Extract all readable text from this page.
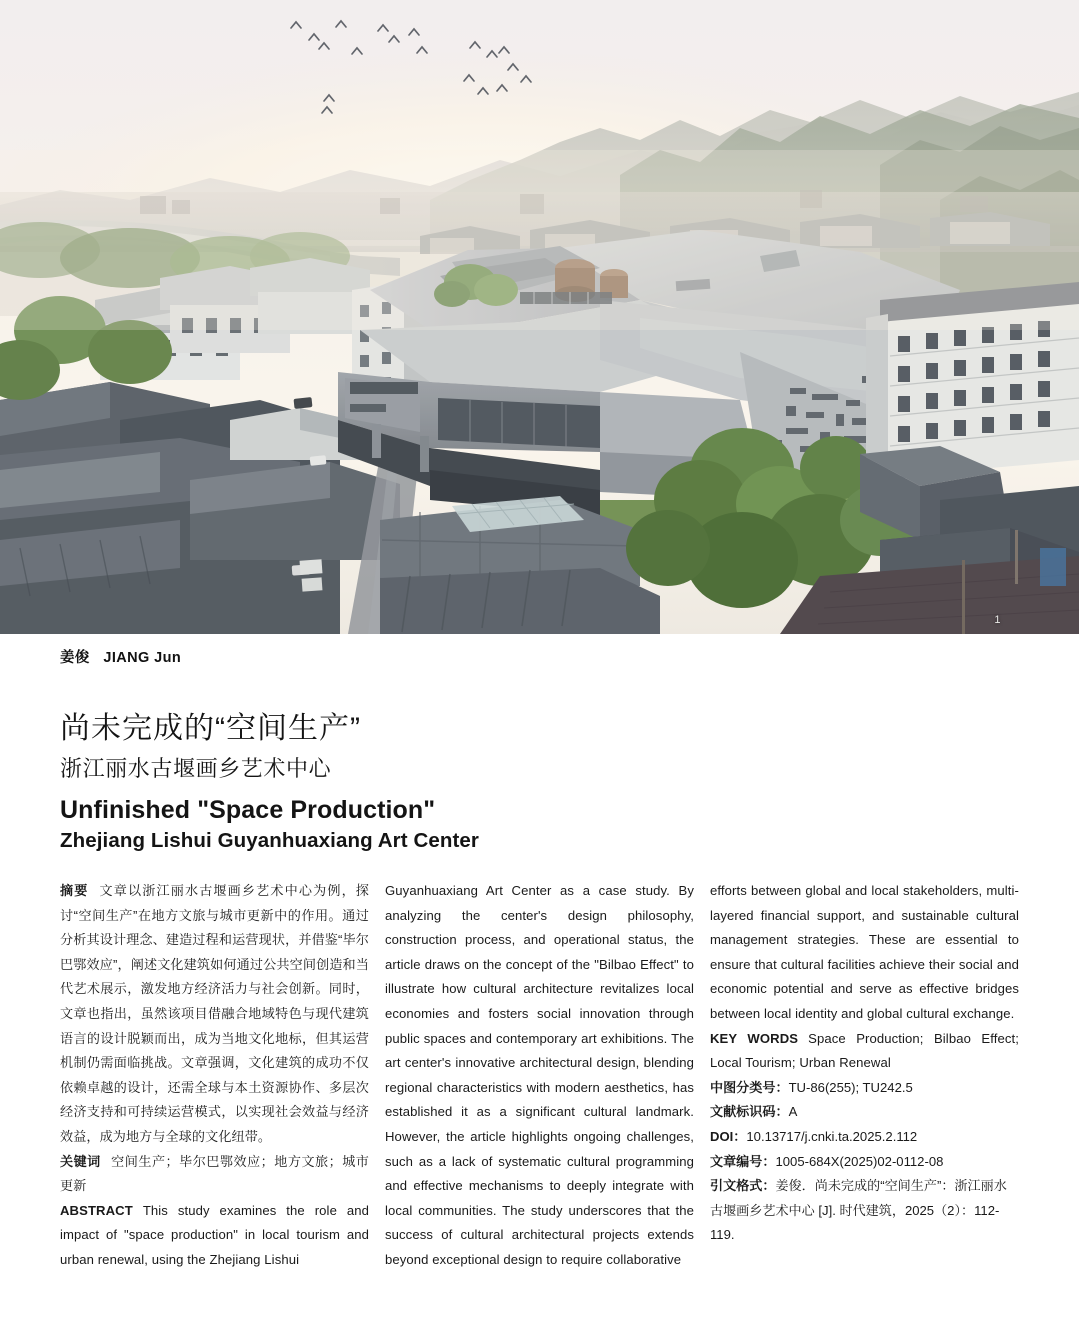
1
姜俊 JIANG Jun
尚未完成的“空间生产”
浙江丽水古堰画乡艺术中心
Unfinished "Space Production"
Zhejiang Lishui Guyanhuaxiang Art Center
摘要 文章以浙江丽水古堰画乡艺术中心为例，探讨“空间生产”在地方文旅与城市更新中的作用。通过分析其设计理念、建造过程和运营现状，并借鉴“毕尔巴鄂效应”，阐述文化建筑如何通过公共空间创造和当代艺术展示，激发地方经济活力与社会创新。同时，文章也指出，虽然该项目借融合地域特色与现代建筑语言的设计脱颖而出，成为当地文化地标，但其运营机制仍需面临挑战。文章强调，文化建筑的成功不仅依赖卓越的设计，还需全球与本土资源协作、多层次经济支持和可持续运营模式，以实现社会效益与经济效益，成为地方与全球的文化纽带。
关键词 空间生产；毕尔巴鄂效应；地方文旅；城市更新
ABSTRACT This study examines the role and impact of "space production" in local tourism and urban renewal, using the Zhejiang Lishui
Guyanhuaxiang Art Center as a case study. By analyzing the center's design philosophy, construction process, and operational status, the article draws on the concept of the "Bilbao Effect" to illustrate how cultural architecture revitalizes local economies and fosters social innovation through public spaces and contemporary art exhibitions. The art center's innovative architectural design, blending regional characteristics with modern aesthetics, has established it as a significant cultural landmark. However, the article highlights ongoing challenges, such as a lack of systematic cultural programming and effective mechanisms to deeply integrate with local communities. The study underscores that the success of cultural architectural projects extends beyond exceptional design to require collaborative
efforts between global and local stakeholders, multi-layered financial support, and sustainable cultural management strategies. These are essential to ensure that cultural facilities achieve their social and economic potential and serve as effective bridges between local identity and global cultural exchange.
KEY WORDS Space Production; Bilbao Effect; Local Tourism; Urban Renewal
中图分类号：TU-86(255); TU242.5
文献标识码：A
DOI：10.13717/j.cnki.ta.2025.2.112
文章编号：1005-684X(2025)02-0112-08
引文格式：姜俊．尚未完成的“空间生产”：浙江丽水古堰画乡艺术中心 [J]. 时代建筑，2025（2）：112-119.
